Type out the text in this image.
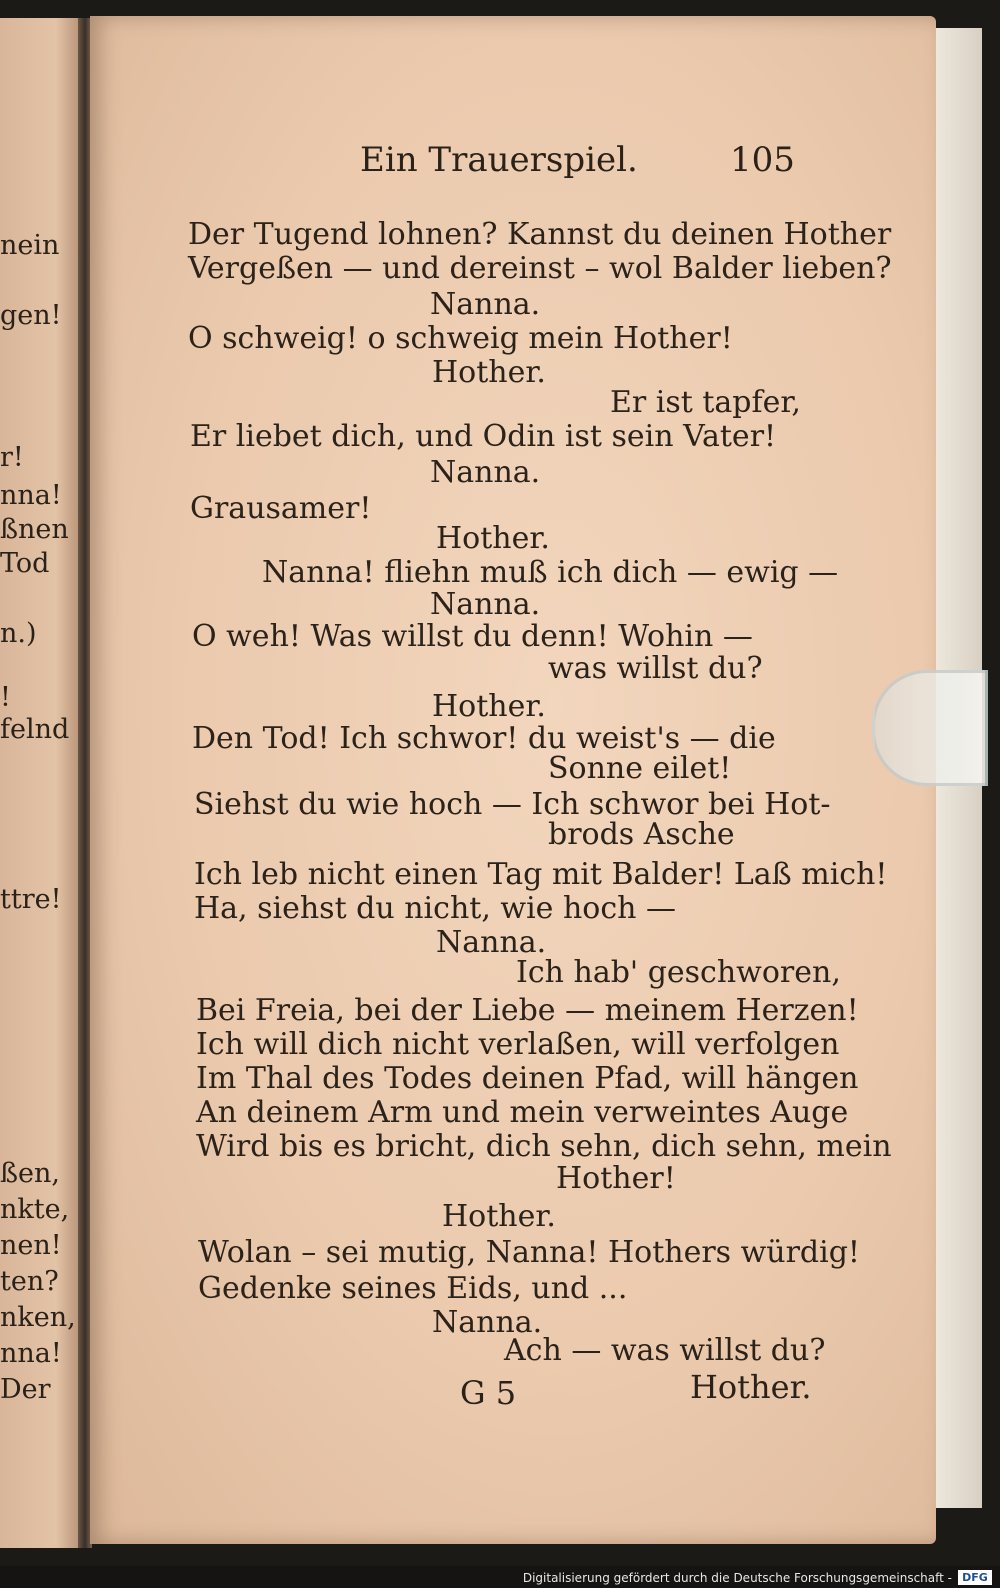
nein
gen!
r!
nna!
ßnen
Tod
n.)
!
felnd
ttre!
ßen,
nkte,
nen!
ten?
nken,
nna!
Der
Ein Trauerspiel.	105
Der Tugend lohnen? Kannst du deinen Hother
Vergeßen — und dereinst – wol Balder lieben?
Nanna.
O schweig! o schweig mein Hother!
Hother.
Er ist tapfer,
Er liebet dich, und Odin ist sein Vater!
Nanna.
Grausamer!
Hother.
Nanna! fliehn muß ich dich — ewig —
Nanna.
O weh! Was willst du denn! Wohin —
was willst du?
Hother.
Den Tod! Ich schwor! du weist's — die
Sonne eilet!
Siehst du wie hoch — Ich schwor bei Hot-
brods Asche
Ich leb nicht einen Tag mit Balder! Laß mich!
Ha, siehst du nicht, wie hoch —
Nanna.
Ich hab' geschworen,
Bei Freia, bei der Liebe — meinem Herzen!
Ich will dich nicht verlaßen, will verfolgen
Im Thal des Todes deinen Pfad, will hängen
An deinem Arm und mein verweintes Auge
Wird bis es bricht, dich sehn, dich sehn, mein
Hother!
Hother.
Wolan – sei mutig, Nanna! Hothers würdig!
Gedenke seines Eids, und ...
Nanna.
Ach — was willst du?
G 5	Hother.
Digitalisierung gefördert durch die Deutsche Forschungsgemeinschaft - DFG
